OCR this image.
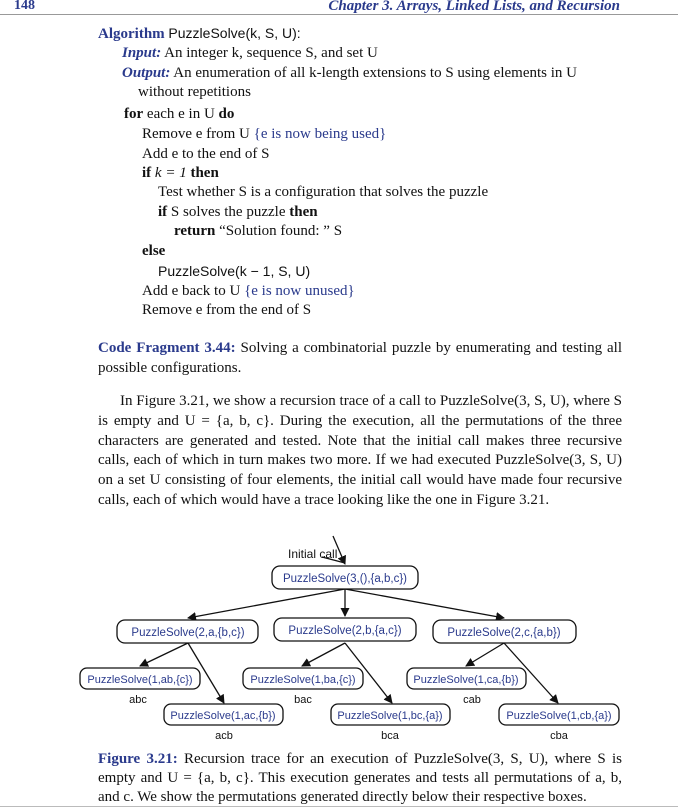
148	Chapter 3. Arrays, Linked Lists, and Recursion
Algorithm PuzzleSolve(k, S, U):
Input: An integer k, sequence S, and set U
Output: An enumeration of all k-length extensions to S using elements in U
without repetitions
for each e in U do
Remove e from U {e is now being used}
Add e to the end of S
if k = 1 then
Test whether S is a configuration that solves the puzzle
if S solves the puzzle then
return “Solution found: ” S
else
PuzzleSolve(k − 1, S, U)
Add e back to U {e is now unused}
Remove e from the end of S
Code Fragment 3.44: Solving a combinatorial puzzle by enumerating and testing all possible configurations.
In Figure 3.21, we show a recursion trace of a call to PuzzleSolve(3, S, U), where S is empty and U = {a, b, c}. During the execution, all the permutations of the three characters are generated and tested. Note that the initial call makes three recursive calls, each of which in turn makes two more. If we had executed PuzzleSolve(3, S, U) on a set U consisting of four elements, the initial call would have made four recursive calls, each of which would have a trace looking like the one in Figure 3.21.
Initial call
PuzzleSolve(3,(),{a,b,c})
PuzzleSolve(2,a,{b,c})	PuzzleSolve(2,b,{a,c})	PuzzleSolve(2,c,{a,b})
PuzzleSolve(1,ab,{c})	PuzzleSolve(1,ba,{c})	PuzzleSolve(1,ca,{b})
PuzzleSolve(1,ac,{b})	PuzzleSolve(1,bc,{a})	PuzzleSolve(1,cb,{a})
abc	bac	cab
acb	bca	cba
Figure 3.21: Recursion trace for an execution of PuzzleSolve(3, S, U), where S is empty and U = {a, b, c}. This execution generates and tests all permutations of a, b, and c. We show the permutations generated directly below their respective boxes.
